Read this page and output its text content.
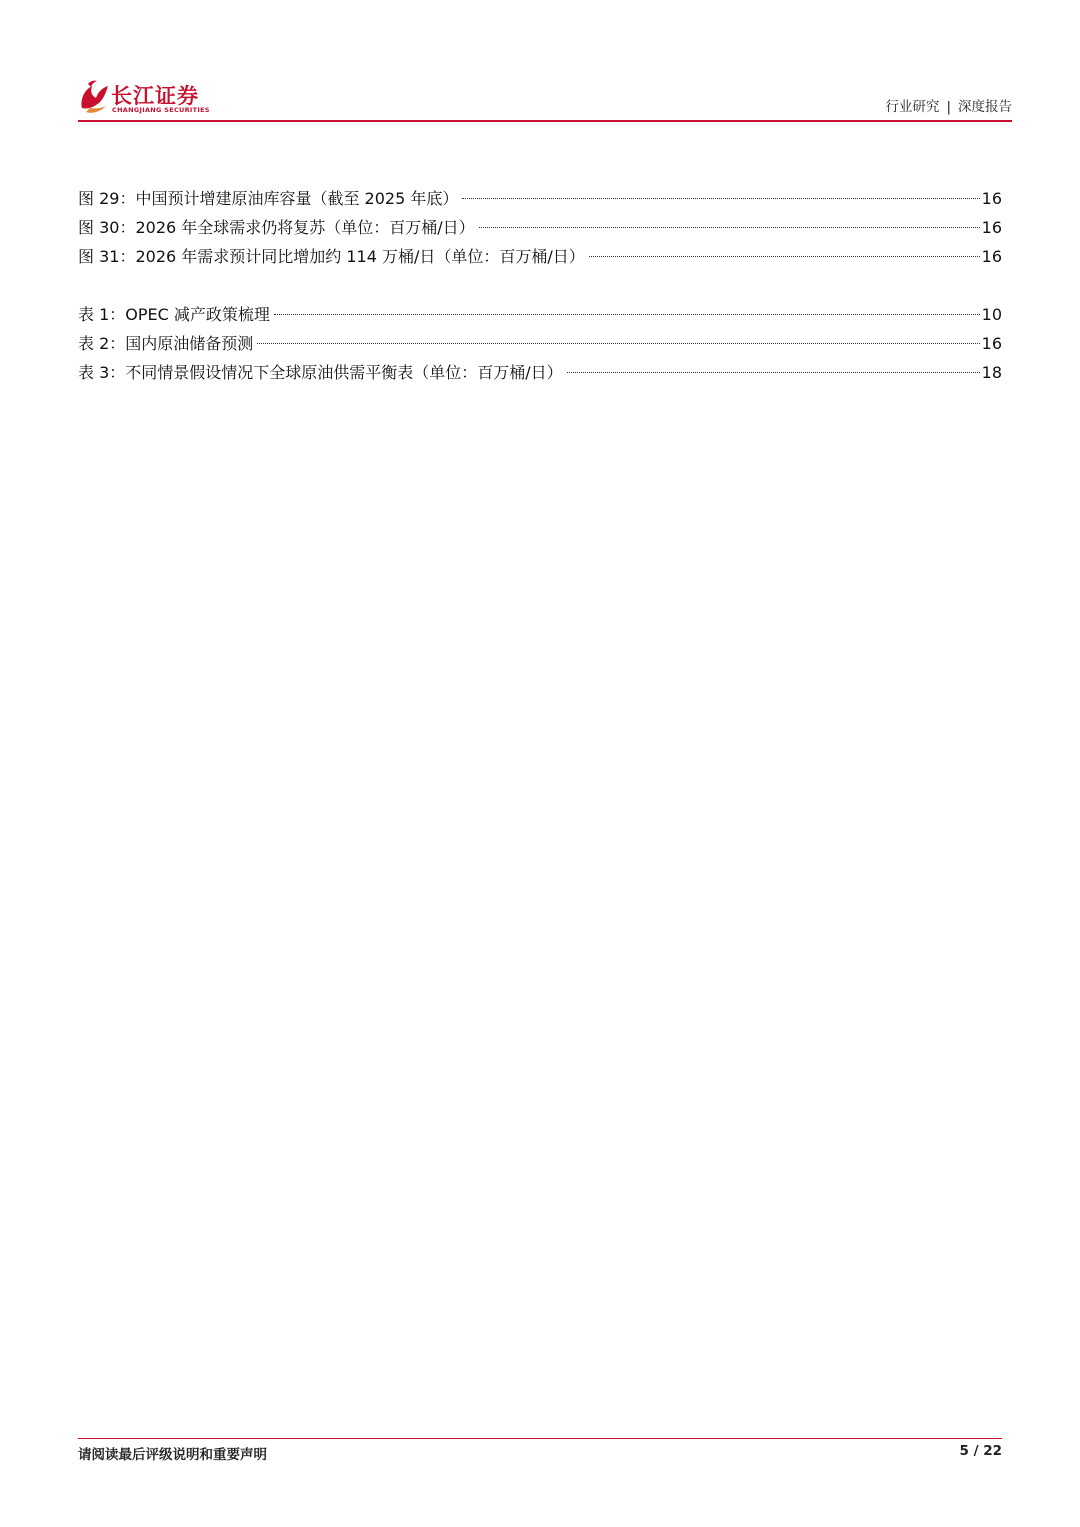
长江证券
CHANGJIANG SECURITIES	行业研究 | 深度报告
图 29： 中国预计增建原油库容量（截至 2025 年底）	16
图 30： 2026 年全球需求仍将复苏（单位：百万桶/日）	16
图 31： 2026 年需求预计同比增加约 114 万桶/日（单位：百万桶/日）	16
表 1： OPEC 减产政策梳理	10
表 2： 国内原油储备预测	16
表 3： 不同情景假设情况下全球原油供需平衡表（单位：百万桶/日）	18
请阅读最后评级说明和重要声明	5 / 22
